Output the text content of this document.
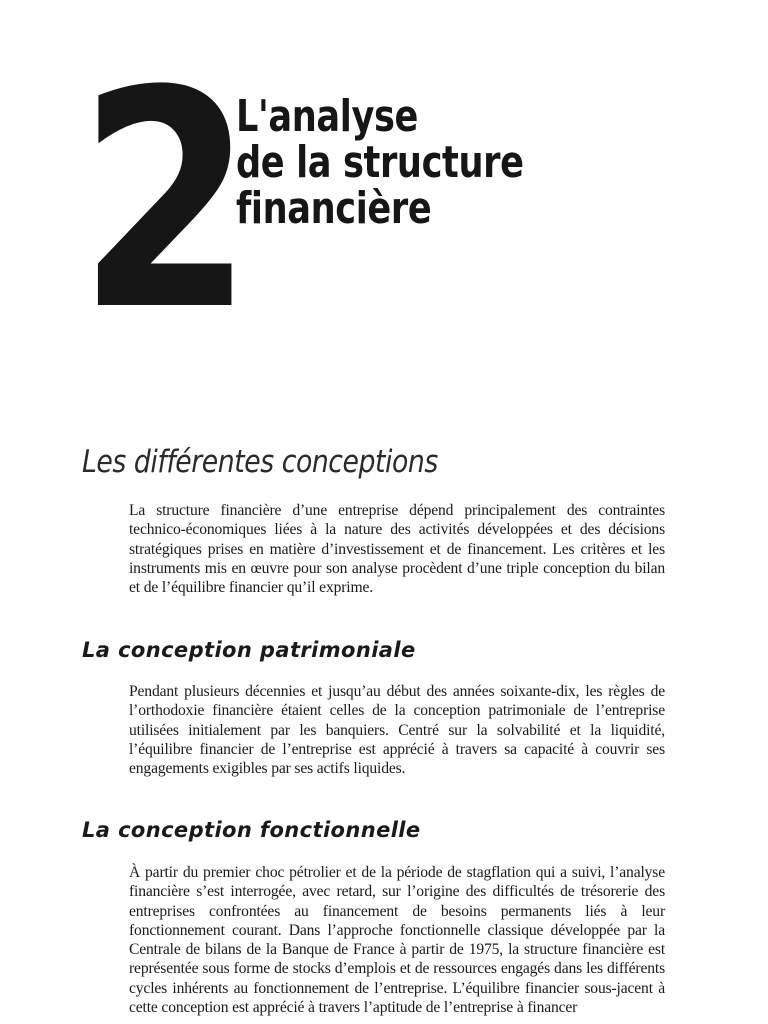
2
L'analyse
de la structure
financière
Les différentes conceptions

La structure financière d’une entreprise dépend principalement des contraintes technico-économiques liées à la nature des activités développées et des décisions stratégiques prises en matière d’investissement et de financement. Les critères et les instruments mis en œuvre pour son analyse procèdent d’une triple conception du bilan et de l’équilibre financier qu’il exprime.

La conception patrimoniale

Pendant plusieurs décennies et jusqu’au début des années soixante-dix, les règles de l’orthodoxie financière étaient celles de la conception patrimoniale de l’entreprise utilisées initialement par les banquiers. Centré sur la solvabilité et la liquidité, l’équilibre financier de l’entreprise est apprécié à travers sa capacité à couvrir ses engagements exigibles par ses actifs liquides.

La conception fonctionnelle

À partir du premier choc pétrolier et de la période de stagflation qui a suivi, l’analyse financière s’est interrogée, avec retard, sur l’origine des difficultés de trésorerie des entreprises confrontées au financement de besoins permanents liés à leur fonctionnement courant. Dans l’approche fonctionnelle classique développée par la Centrale de bilans de la Banque de France à partir de 1975, la structure financière est représentée sous forme de stocks d’emplois et de ressources engagés dans les différents cycles inhérents au fonctionnement de l’entreprise. L’équilibre financier sous-jacent à cette conception est apprécié à travers l’aptitude de l’entreprise à financer
